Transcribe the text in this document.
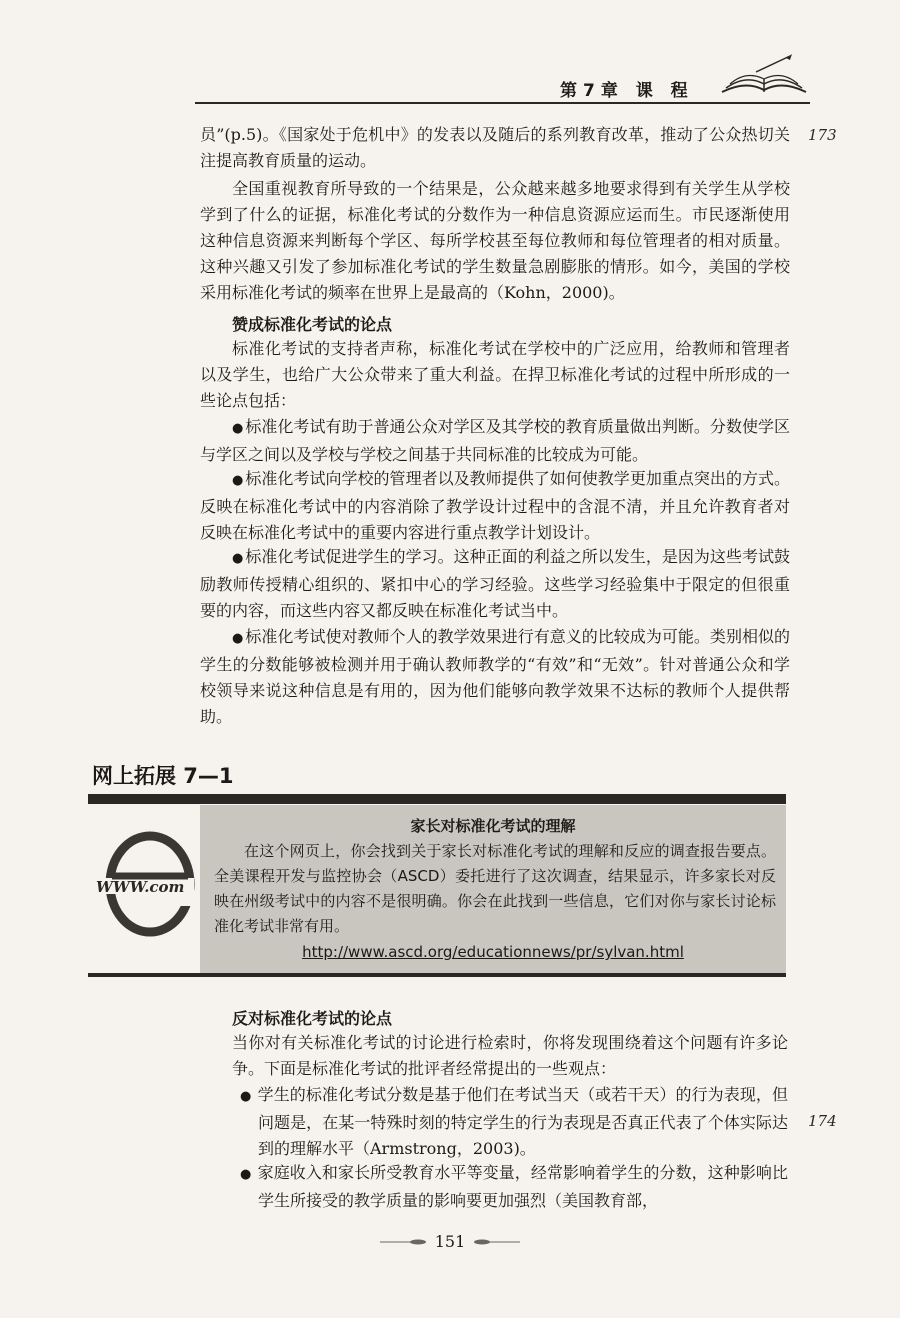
第7章 课 程
173

员”(p.5)。《国家处于危机中》的发表以及随后的系列教育改革，推动了公众热切关注提高教育质量的运动。

全国重视教育所导致的一个结果是，公众越来越多地要求得到有关学生从学校学到了什么的证据，标准化考试的分数作为一种信息资源应运而生。市民逐渐使用这种信息资源来判断每个学区、每所学校甚至每位教师和每位管理者的相对质量。这种兴趣又引发了参加标准化考试的学生数量急剧膨胀的情形。如今，美国的学校采用标准化考试的频率在世界上是最高的（Kohn，2000)。

赞成标准化考试的论点

标准化考试的支持者声称，标准化考试在学校中的广泛应用，给教师和管理者以及学生，也给广大公众带来了重大利益。在捍卫标准化考试的过程中所形成的一些论点包括：

● 标准化考试有助于普通公众对学区及其学校的教育质量做出判断。分数使学区与学区之间以及学校与学校之间基于共同标准的比较成为可能。

● 标准化考试向学校的管理者以及教师提供了如何使教学更加重点突出的方式。反映在标准化考试中的内容消除了教学设计过程中的含混不清，并且允许教育者对反映在标准化考试中的重要内容进行重点教学计划设计。

● 标准化考试促进学生的学习。这种正面的利益之所以发生，是因为这些考试鼓励教师传授精心组织的、紧扣中心的学习经验。这些学习经验集中于限定的但很重要的内容，而这些内容又都反映在标准化考试当中。

● 标准化考试使对教师个人的教学效果进行有意义的比较成为可能。类别相似的学生的分数能够被检测并用于确认教师教学的“有效”和“无效”。针对普通公众和学校领导来说这种信息是有用的，因为他们能够向教学效果不达标的教师个人提供帮助。

网上拓展 7—1
WWW.com
家长对标准化考试的理解
在这个网页上，你会找到关于家长对标准化考试的理解和反应的调查报告要点。全美课程开发与监控协会（ASCD）委托进行了这次调查，结果显示，许多家长对反映在州级考试中的内容不是很明确。你会在此找到一些信息，它们对你与家长讨论标准化考试非常有用。
http://www.ascd.org/educationnews/pr/sylvan.html
反对标准化考试的论点

当你对有关标准化考试的讨论进行检索时，你将发现围绕着这个问题有许多论争。下面是标准化考试的批评者经常提出的一些观点：

● 学生的标准化考试分数是基于他们在考试当天（或若干天）的行为表现，但问题是，在某一特殊时刻的特定学生的行为表现是否真正代表了个体实际达到的理解水平（Armstrong，2003)。

174

● 家庭收入和家长所受教育水平等变量，经常影响着学生的分数，这种影响比学生所接受的教学质量的影响要更加强烈（美国教育部，

151
